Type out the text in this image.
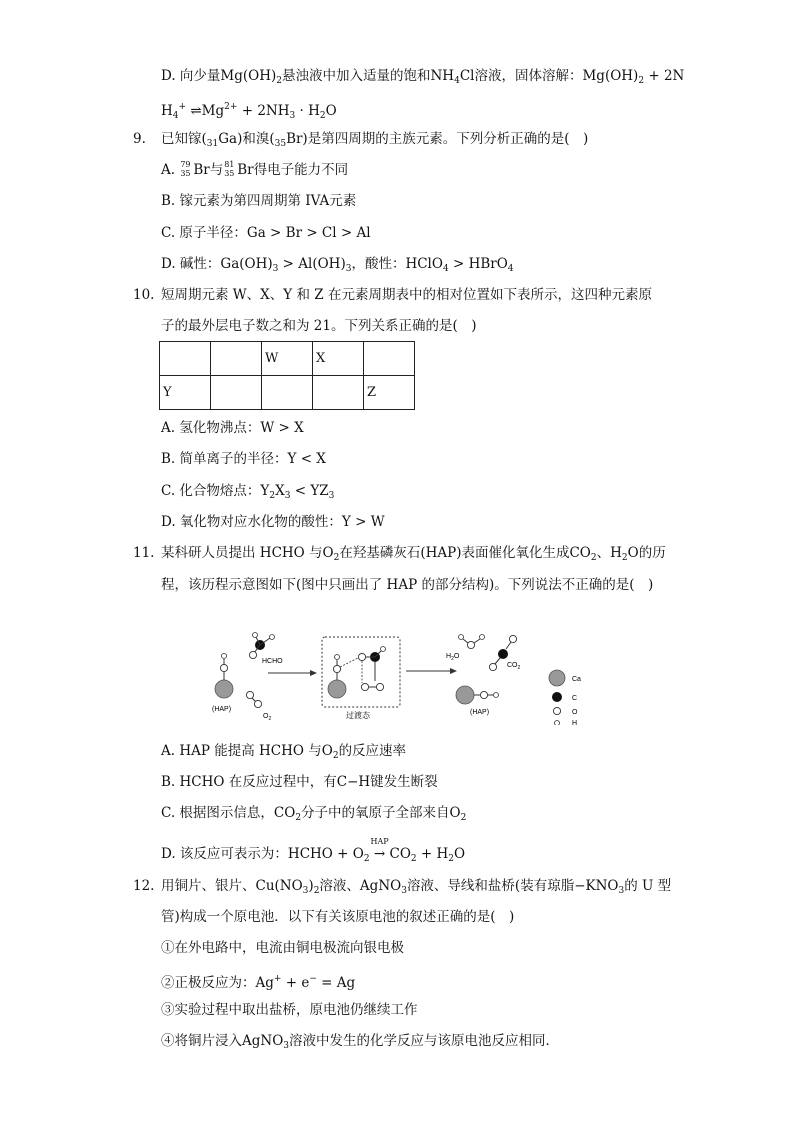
D. 向少量$Mg(OH)_2$悬浊液中加入适量的饱和$NH_4Cl$溶液，固体溶解：$Mg(OH)_2 + 2N$
$H_4^+$ $\rightleftharpoons Mg^{2+} + 2NH_3 \cdot H_2O$
9. 已知镓$(_{31}Ga)$和溴$(_{35}Br)$是第四周期的主族元素。下列分析正确的是(　)
A. 79
35 Br与 81
35 Br得电子能力不同
B. 镓元素为第四周期第 IVA元素
C. 原子半径：Ga > Br > Cl > Al
D. 碱性：$Ga(OH)_3 > Al(OH)_3$，酸性：HClO$_4$ > HBrO$_4$
10. 短周期元素 W、X、Y 和 Z 在元素周期表中的相对位置如下表所示，这四种元素原
子的最外层电子数之和为 21。下列关系正确的是(　)
		W	X	
Y				Z
A. 氢化物沸点：W > X
B. 简单离子的半径：Y < X
C. 化合物熔点：$Y_2X_3 < YZ_3$
D. 氧化物对应水化物的酸性：Y > W
11. 某科研人员提出 HCHO 与$O_2$在羟基磷灰石(HAP)表面催化氧化生成$CO_2$、$H_2O$的历
程，该历程示意图如下(图中只画出了 HAP 的部分结构)。下列说法不正确的是(　)
(HAP)
HCHO
$O_2$	过渡态
$H_2O$
$CO_2$
(HAP)
Ca
C
O
H
A. HAP 能提高 HCHO 与$O_2$的反应速率
B. HCHO 在反应过程中，有C−H键发生断裂
C. 根据图示信息，$CO_2$分子中的氧原子全部来自$O_2$
D. 该反应可表示为：HCHO + $O_2$
HAP
→ $CO_2 + H_2O$
12. 用铜片、银片、$Cu(NO_3)_2$溶液、AgNO$_3$溶液、导线和盐桥(装有琼脂$-KNO_3$的 U 型
管)构成一个原电池．以下有关该原电池的叙述正确的是(　)
①在外电路中，电流由铜电极流向银电极
②正极反应为：Ag+ + e− = Ag
③实验过程中取出盐桥，原电池仍继续工作
④将铜片浸入AgNO$_3$溶液中发生的化学反应与该原电池反应相同．
